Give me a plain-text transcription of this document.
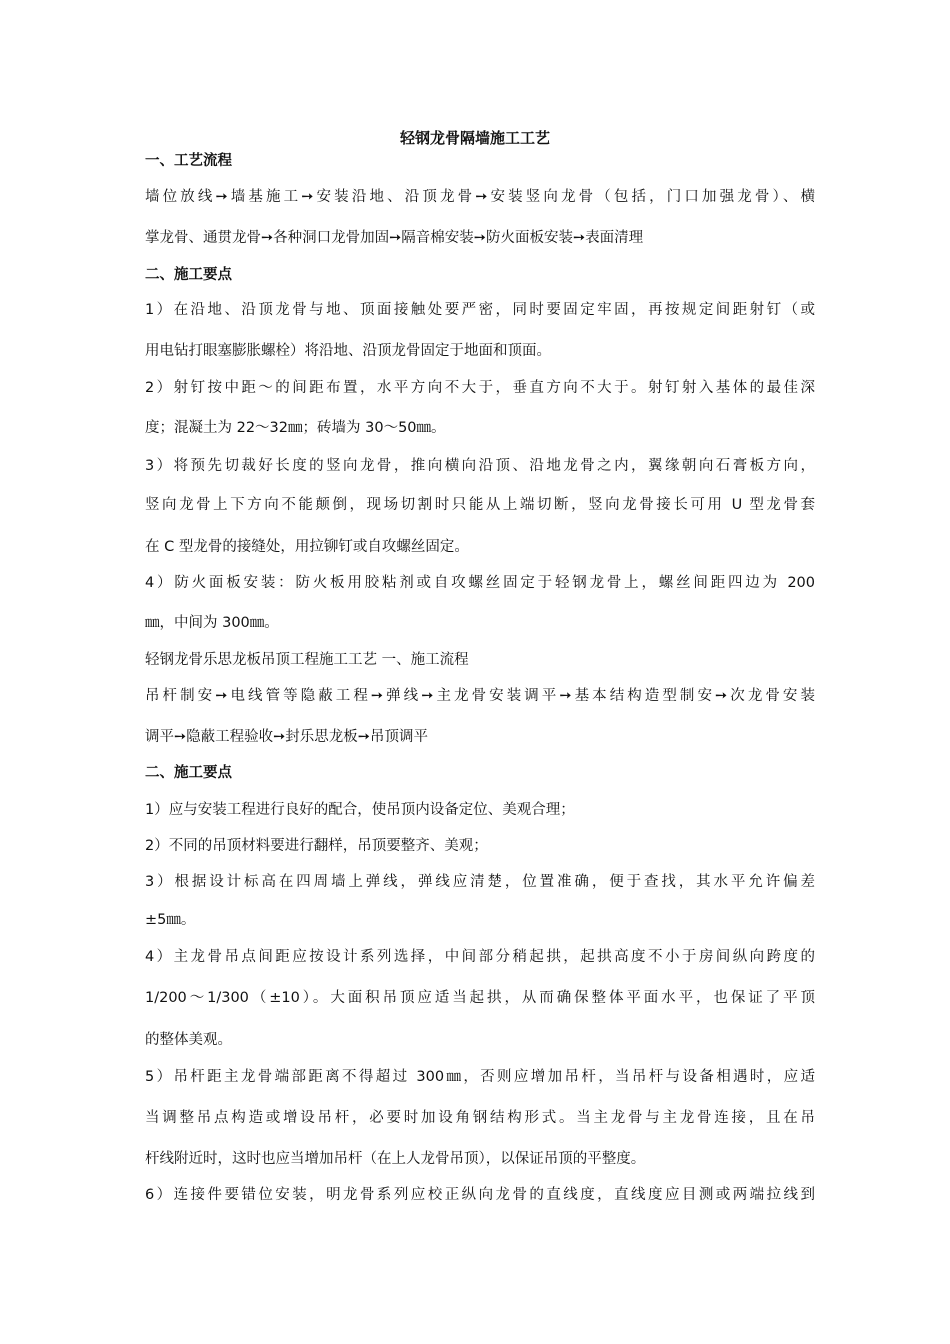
轻钢龙骨隔墙施工工艺
一、工艺流程
墙位放线➙墙基施工➙安装沿地、沿顶龙骨➙安装竖向龙骨（包括，门口加强龙骨）、横
掌龙骨、通贯龙骨➙各种洞口龙骨加固➙隔音棉安装➙防火面板安装➙表面清理
二、施工要点
1）在沿地、沿顶龙骨与地、顶面接触处要严密，同时要固定牢固，再按规定间距射钉（或
用电钻打眼塞膨胀螺栓）将沿地、沿顶龙骨固定于地面和顶面。
2）射钉按中距～的间距布置，水平方向不大于，垂直方向不大于。射钉射入基体的最佳深
度；混凝土为 22～32㎜；砖墙为 30～50㎜。
3）将预先切裁好长度的竖向龙骨，推向横向沿顶、沿地龙骨之内，翼缘朝向石膏板方向，
竖向龙骨上下方向不能颠倒，现场切割时只能从上端切断，竖向龙骨接长可用 U 型龙骨套
在 C 型龙骨的接缝处，用拉铆钉或自攻螺丝固定。
4）防火面板安装：防火板用胶粘剂或自攻螺丝固定于轻钢龙骨上，螺丝间距四边为 200
㎜，中间为 300㎜。
轻钢龙骨乐思龙板吊顶工程施工工艺 一、施工流程
吊杆制安➙电线管等隐蔽工程➙弹线➙主龙骨安装调平➙基本结构造型制安➙次龙骨安装
调平➙隐蔽工程验收➙封乐思龙板➙吊顶调平
二、施工要点
1）应与安装工程进行良好的配合，使吊顶内设备定位、美观合理；
2）不同的吊顶材料要进行翻样，吊顶要整齐、美观；
3）根据设计标高在四周墙上弹线，弹线应清楚，位置准确，便于查找，其水平允许偏差
±5㎜。
4）主龙骨吊点间距应按设计系列选择，中间部分稍起拱，起拱高度不小于房间纵向跨度的
1/200～1/300（±10）。大面积吊顶应适当起拱，从而确保整体平面水平，也保证了平顶
的整体美观。
5）吊杆距主龙骨端部距离不得超过 300㎜，否则应增加吊杆，当吊杆与设备相遇时，应适
当调整吊点构造或增设吊杆，必要时加设角钢结构形式。当主龙骨与主龙骨连接，且在吊
杆线附近时，这时也应当增加吊杆（在上人龙骨吊顶），以保证吊顶的平整度。
6）连接件要错位安装，明龙骨系列应校正纵向龙骨的直线度，直线度应目测或两端拉线到
